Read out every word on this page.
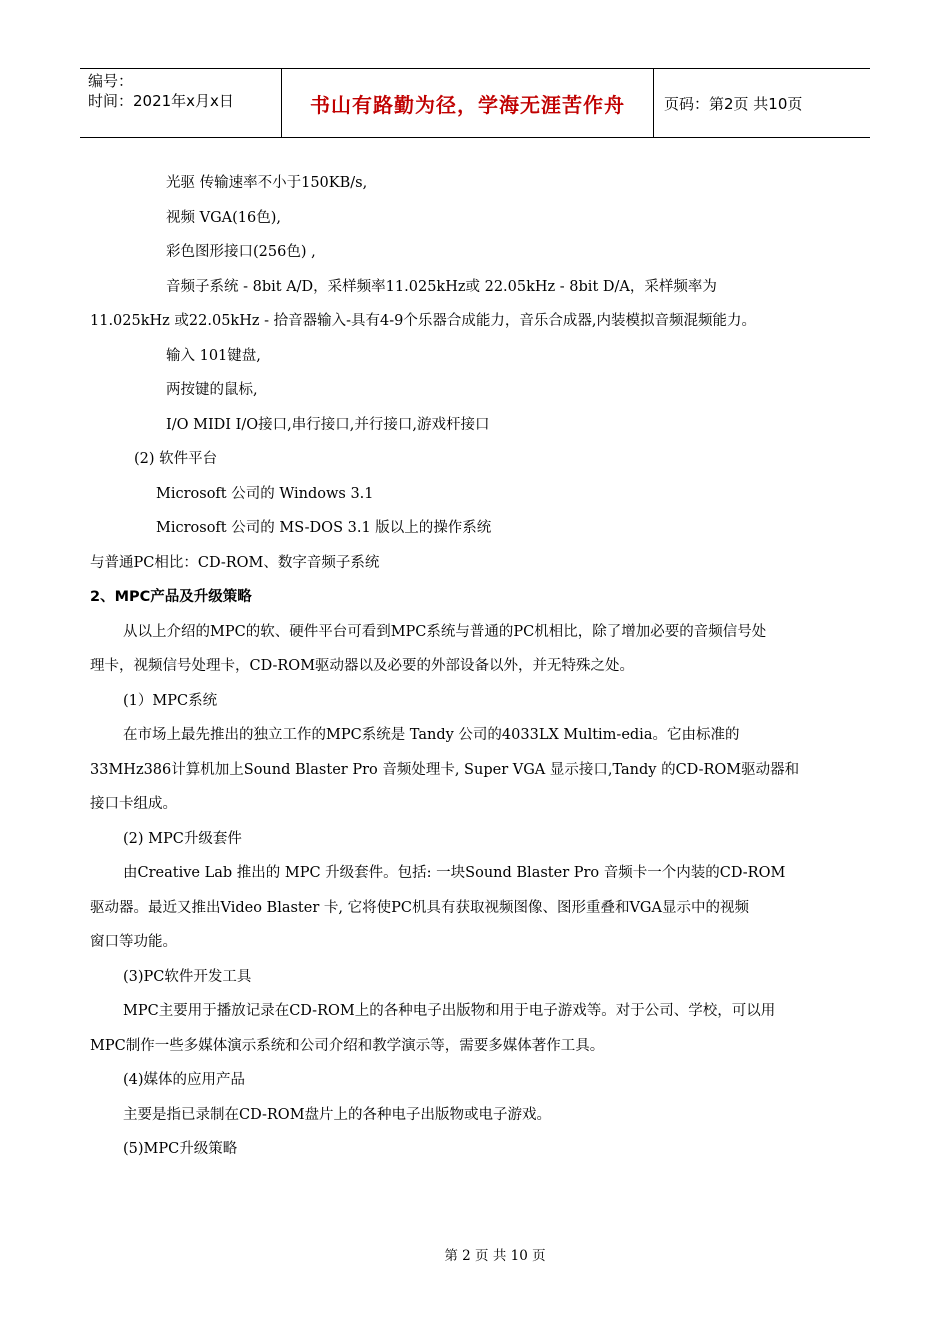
编号：
时间：2021年x月x日	书山有路勤为径，学海无涯苦作舟	页码：第2页 共10页
光驱 传输速率不小于150KB/s,
视频 VGA(16色),
彩色图形接口(256色) ,
音频子系统 - 8bit A/D，采样频率11.025kHz或 22.05kHz - 8bit D/A，采样频率为
11.025kHz 或22.05kHz - 拾音器输入-具有4-9个乐器合成能力，音乐合成器,内装模拟音频混频能力。
输入 101键盘,
两按键的鼠标,
I/O MIDI I/O接口,串行接口,并行接口,游戏杆接口
(2) 软件平台
Microsoft 公司的 Windows 3.1
Microsoft 公司的 MS-DOS 3.1 版以上的操作系统
与普通PC相比：CD-ROM、数字音频子系统
2、MPC产品及升级策略
从以上介绍的MPC的软、硬件平台可看到MPC系统与普通的PC机相比，除了增加必要的音频信号处
理卡，视频信号处理卡，CD-ROM驱动器以及必要的外部设备以外，并无特殊之处。
(1）MPC系统
在市场上最先推出的独立工作的MPC系统是 Tandy 公司的4033LX Multim-edia。它由标准的
33MHz386计算机加上Sound Blaster Pro 音频处理卡, Super VGA 显示接口,Tandy 的CD-ROM驱动器和
接口卡组成。
(2) MPC升级套件
由Creative Lab 推出的 MPC 升级套件。包括: 一块Sound Blaster Pro 音频卡一个内装的CD-ROM
驱动器。最近又推出Video Blaster 卡, 它将使PC机具有获取视频图像、图形重叠和VGA显示中的视频
窗口等功能。
(3)PC软件开发工具
MPC主要用于播放记录在CD-ROM上的各种电子出版物和用于电子游戏等。对于公司、学校，可以用
MPC制作一些多媒体演示系统和公司介绍和教学演示等，需要多媒体著作工具。
(4)媒体的应用产品
主要是指已录制在CD-ROM盘片上的各种电子出版物或电子游戏。
(5)MPC升级策略
第 2 页 共 10 页
